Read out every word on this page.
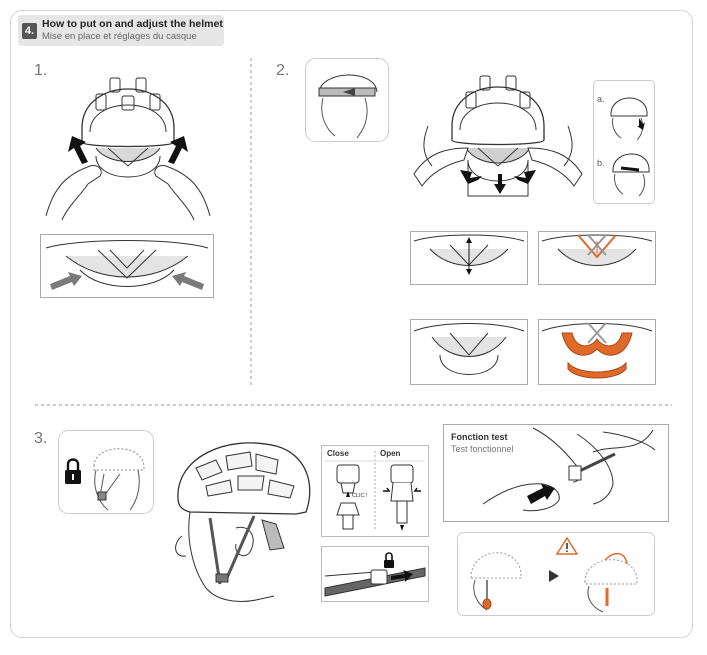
4.
How to put on and adjust the helmet
Mise en place et réglages du casque
1.	2.
a.
b.
3.
Close	Open
CLIC !
Fonction test
Test fonctionnel
